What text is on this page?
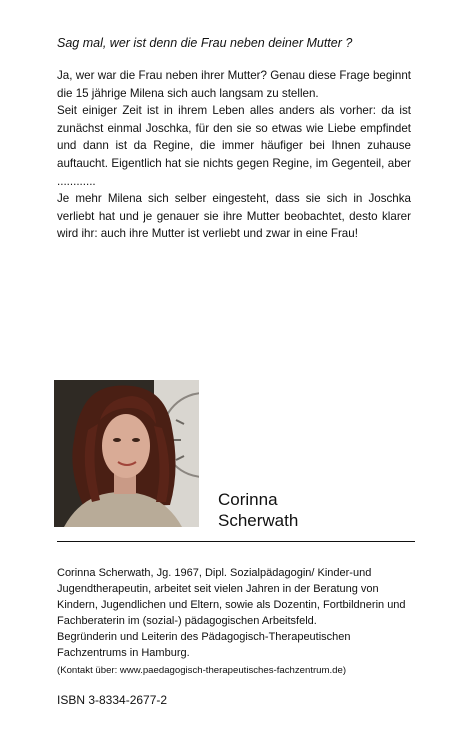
Sag mal, wer ist denn die Frau neben deiner Mutter ?

Ja, wer war die Frau neben ihrer Mutter? Genau diese Frage beginnt die 15 jährige Milena sich auch langsam zu stellen.

Seit einiger Zeit ist in ihrem Leben alles anders als vorher: da ist zunächst einmal Joschka, für den sie so etwas wie Liebe empfindet und dann ist da Regine, die immer häufiger bei Ihnen zuhause auftaucht. Eigentlich hat sie nichts gegen Regine, im Gegenteil, aber ............

Je mehr Milena sich selber eingesteht, dass sie sich in Joschka verliebt hat und je genauer sie ihre Mutter beobachtet, desto klarer wird ihr: auch ihre Mutter ist verliebt und zwar in eine Frau!

Corinna
Scherwath

Corinna Scherwath, Jg. 1967, Dipl. Sozialpädagogin/ Kinder-und Jugendtherapeutin, arbeitet seit vielen Jahren in der Beratung von Kindern, Jugendlichen und Eltern, sowie als Dozentin, Fortbildnerin und Fachberaterin im (sozial-) pädagogischen Arbeitsfeld.

Begründerin und Leiterin des Pädagogisch-Therapeutischen Fachzentrums in Hamburg.

(Kontakt über: www.paedagogisch-therapeutisches-fachzentrum.de)
ISBN 3-8334-2677-2
